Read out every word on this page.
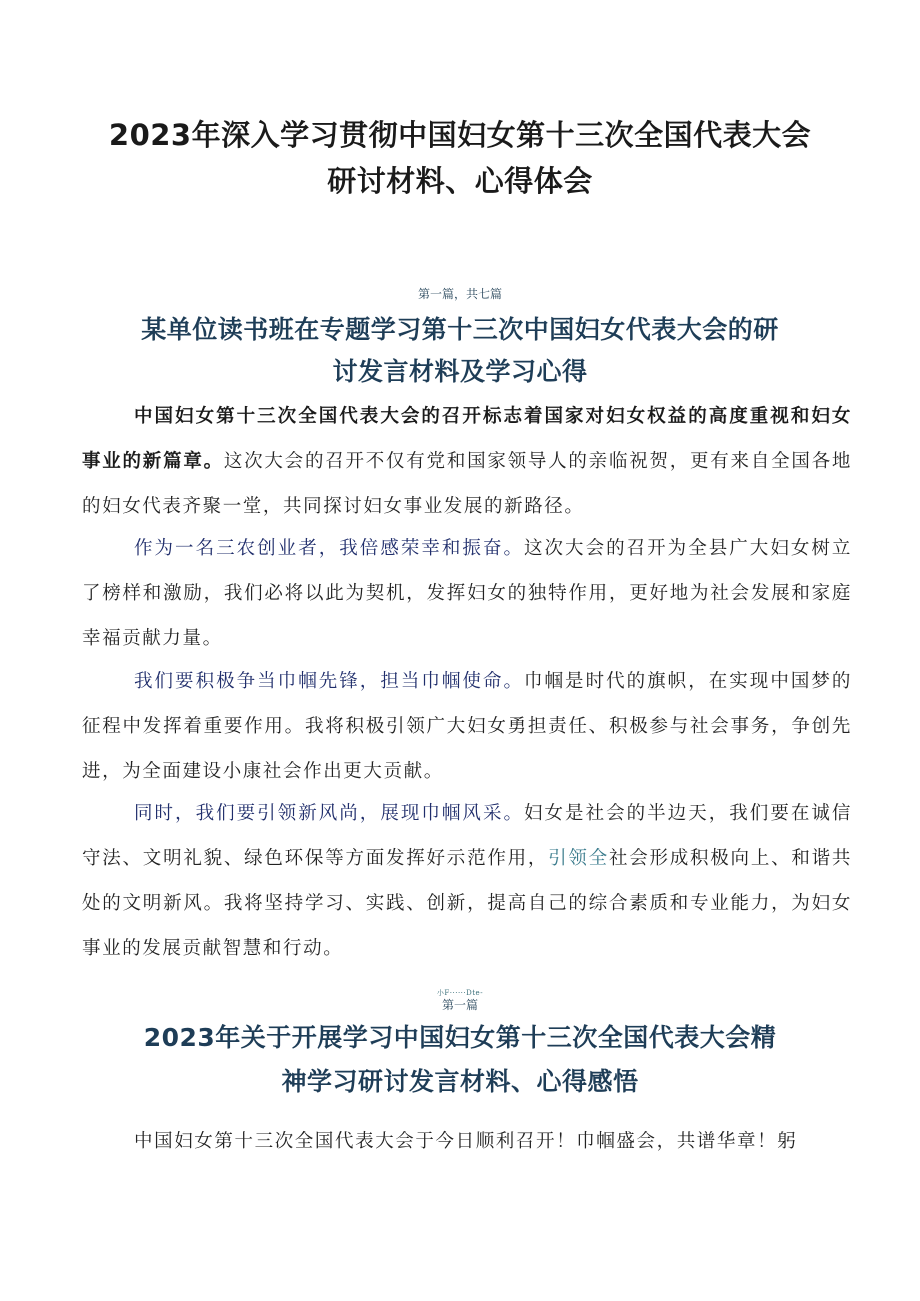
2023年深入学习贯彻中国妇女第十三次全国代表大会
研讨材料、心得体会
第一篇，共七篇
某单位读书班在专题学习第十三次中国妇女代表大会的研
讨发言材料及学习心得

中国妇女第十三次全国代表大会的召开标志着国家对妇女权益的高度重视和妇女事业的新篇章。这次大会的召开不仅有党和国家领导人的亲临祝贺，更有来自全国各地的妇女代表齐聚一堂，共同探讨妇女事业发展的新路径。

作为一名三农创业者，我倍感荣幸和振奋。这次大会的召开为全县广大妇女树立了榜样和激励，我们必将以此为契机，发挥妇女的独特作用，更好地为社会发展和家庭幸福贡献力量。

我们要积极争当巾帼先锋，担当巾帼使命。巾帼是时代的旗帜，在实现中国梦的征程中发挥着重要作用。我将积极引领广大妇女勇担责任、积极参与社会事务，争创先进，为全面建设小康社会作出更大贡献。

同时，我们要引领新风尚，展现巾帼风采。妇女是社会的半边天，我们要在诚信守法、文明礼貌、绿色环保等方面发挥好示范作用，引领全社会形成积极向上、和谐共处的文明新风。我将坚持学习、实践、创新，提高自己的综合素质和专业能力，为妇女事业的发展贡献智慧和行动。

小F······Dte-
第一篇
2023年关于开展学习中国妇女第十三次全国代表大会精
神学习研讨发言材料、心得感悟

中国妇女第十三次全国代表大会于今日顺利召开！巾帼盛会，共谱华章！躬
